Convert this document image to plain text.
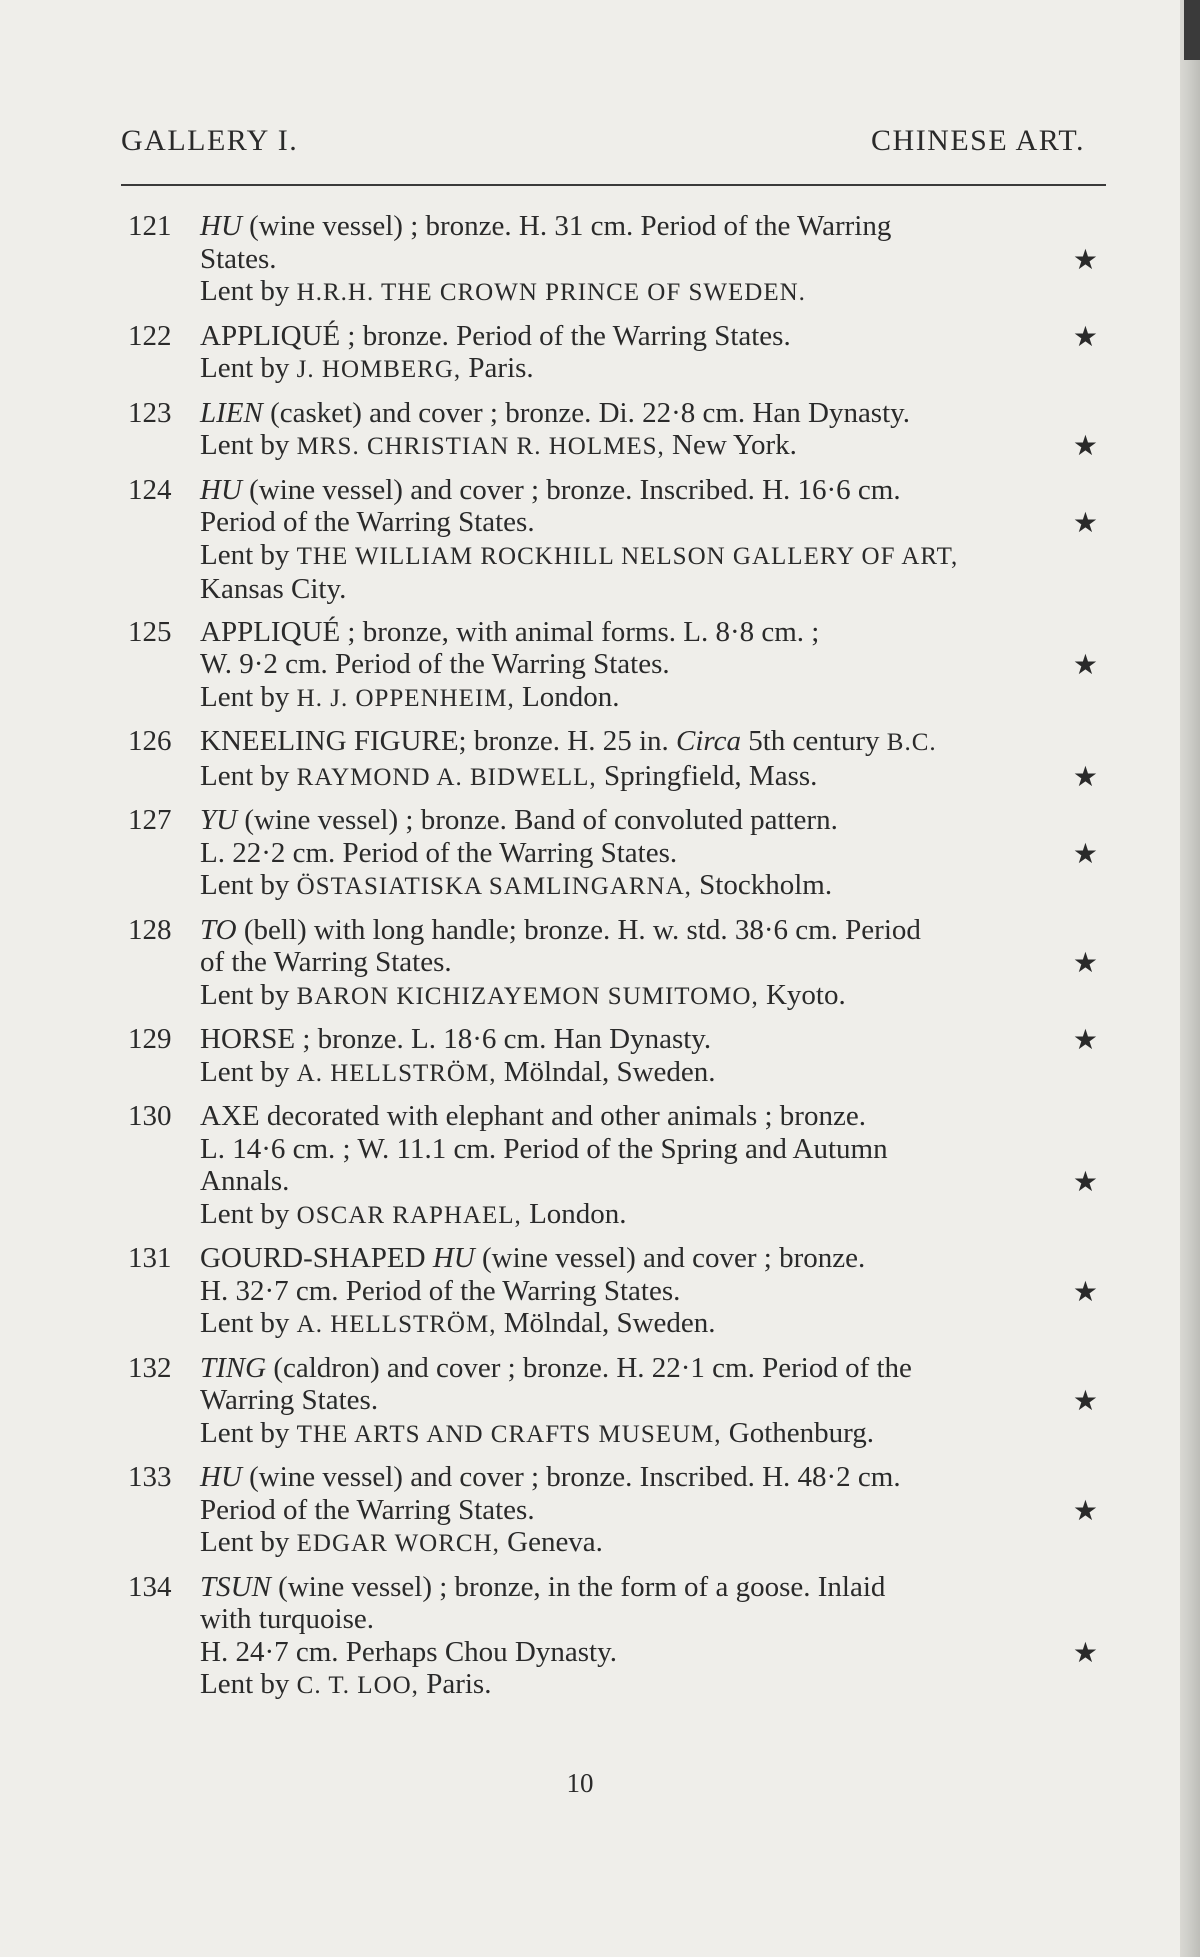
GALLERY I.	CHINESE ART.
121 HU (wine vessel) ; bronze. H. 31 cm. Period of the Warring
States.	★
Lent by H.R.H. THE CROWN PRINCE OF SWEDEN.
122 APPLIQUÉ ; bronze. Period of the Warring States.	★
Lent by J. HOMBERG, Paris.
123 LIEN (casket) and cover ; bronze. Di. 22·8 cm. Han Dynasty.
Lent by MRS. CHRISTIAN R. HOLMES, New York.	★
124 HU (wine vessel) and cover ; bronze. Inscribed. H. 16·6 cm.
Period of the Warring States.	★
Lent by THE WILLIAM ROCKHILL NELSON GALLERY OF ART,
Kansas City.
125 APPLIQUÉ ; bronze, with animal forms. L. 8·8 cm. ;
W. 9·2 cm. Period of the Warring States.	★
Lent by H. J. OPPENHEIM, London.
126 KNEELING FIGURE; bronze. H. 25 in. Circa 5th century B.C.
Lent by RAYMOND A. BIDWELL, Springfield, Mass.	★
127 YU (wine vessel) ; bronze. Band of convoluted pattern.
L. 22·2 cm. Period of the Warring States.	★
Lent by ÖSTASIATISKA SAMLINGARNA, Stockholm.
128 TO (bell) with long handle; bronze. H. w. std. 38·6 cm. Period
of the Warring States.	★
Lent by BARON KICHIZAYEMON SUMITOMO, Kyoto.
129 HORSE ; bronze. L. 18·6 cm. Han Dynasty.	★
Lent by A. HELLSTRÖM, Mölndal, Sweden.
130 AXE decorated with elephant and other animals ; bronze.
L. 14·6 cm. ; W. 11.1 cm. Period of the Spring and Autumn
Annals.	★
Lent by OSCAR RAPHAEL, London.
131 GOURD-SHAPED HU (wine vessel) and cover ; bronze.
H. 32·7 cm. Period of the Warring States.	★
Lent by A. HELLSTRÖM, Mölndal, Sweden.
132 TING (caldron) and cover ; bronze. H. 22·1 cm. Period of the
Warring States.	★
Lent by THE ARTS AND CRAFTS MUSEUM, Gothenburg.
133 HU (wine vessel) and cover ; bronze. Inscribed. H. 48·2 cm.
Period of the Warring States.	★
Lent by EDGAR WORCH, Geneva.
134 TSUN (wine vessel) ; bronze, in the form of a goose. Inlaid
with turquoise.
H. 24·7 cm. Perhaps Chou Dynasty.	★
Lent by C. T. LOO, Paris.
10
